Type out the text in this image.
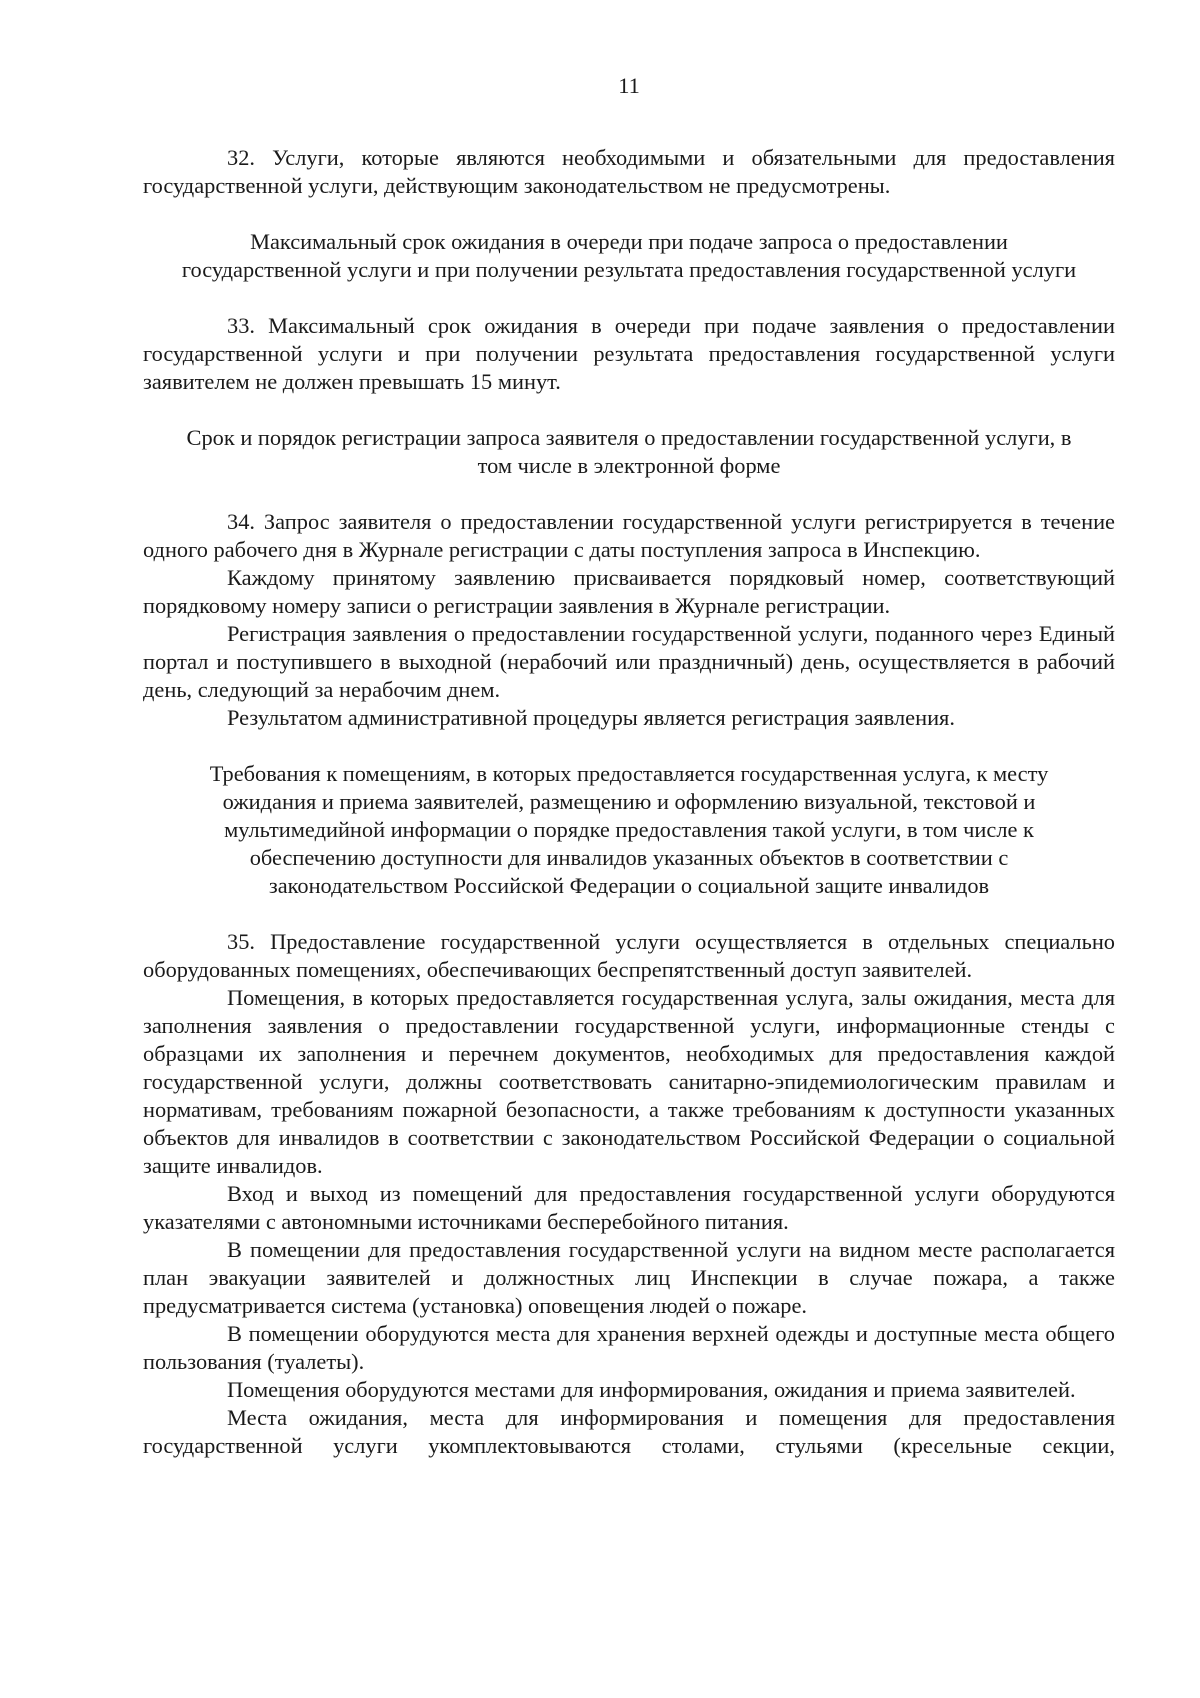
11

32. Услуги, которые являются необходимыми и обязательными для предоставления государственной услуги, действующим законодательством не предусмотрены.

Максимальный срок ожидания в очереди при подаче запроса о предоставлении государственной услуги и при получении результата предоставления государственной услуги

33. Максимальный срок ожидания в очереди при подаче заявления о предоставлении государственной услуги и при получении результата предоставления государственной услуги заявителем не должен превышать 15 минут.

Срок и порядок регистрации запроса заявителя о предоставлении государственной услуги, в том числе в электронной форме

34. Запрос заявителя о предоставлении государственной услуги регистрируется в течение одного рабочего дня в Журнале регистрации с даты поступления запроса в Инспекцию.

Каждому принятому заявлению присваивается порядковый номер, соответствующий порядковому номеру записи о регистрации заявления в Журнале регистрации.

Регистрация заявления о предоставлении государственной услуги, поданного через Единый портал и поступившего в выходной (нерабочий или праздничный) день, осуществляется в рабочий день, следующий за нерабочим днем.

Результатом административной процедуры является регистрация заявления.

Требования к помещениям, в которых предоставляется государственная услуга, к месту ожидания и приема заявителей, размещению и оформлению визуальной, текстовой и мультимедийной информации о порядке предоставления такой услуги, в том числе к обеспечению доступности для инвалидов указанных объектов в соответствии с законодательством Российской Федерации о социальной защите инвалидов

35. Предоставление государственной услуги осуществляется в отдельных специально оборудованных помещениях, обеспечивающих беспрепятственный доступ заявителей.

Помещения, в которых предоставляется государственная услуга, залы ожидания, места для заполнения заявления о предоставлении государственной услуги, информационные стенды с образцами их заполнения и перечнем документов, необходимых для предоставления каждой государственной услуги, должны соответствовать санитарно-эпидемиологическим правилам и нормативам, требованиям пожарной безопасности, а также требованиям к доступности указанных объектов для инвалидов в соответствии с законодательством Российской Федерации о социальной защите инвалидов.

Вход и выход из помещений для предоставления государственной услуги оборудуются указателями с автономными источниками бесперебойного питания.

В помещении для предоставления государственной услуги на видном месте располагается план эвакуации заявителей и должностных лиц Инспекции в случае пожара, а также предусматривается система (установка) оповещения людей о пожаре.

В помещении оборудуются места для хранения верхней одежды и доступные места общего пользования (туалеты).

Помещения оборудуются местами для информирования, ожидания и приема заявителей.

Места ожидания, места для информирования и помещения для предоставления государственной услуги укомплектовываются столами, стульями (кресельные секции,
